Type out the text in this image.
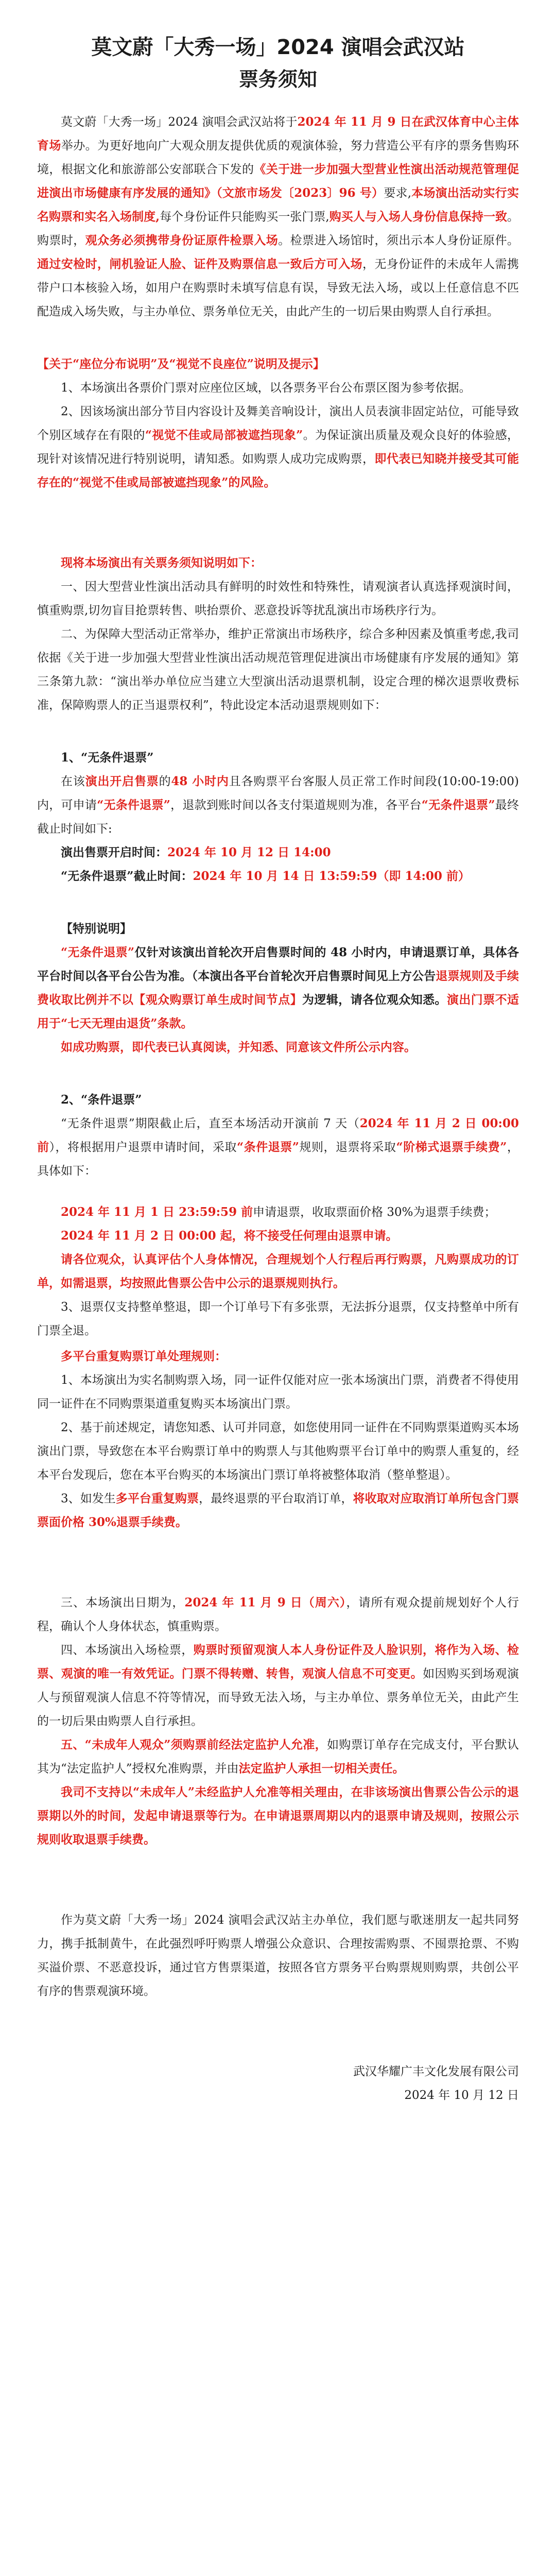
莫文蔚「大秀一场」2024 演唱会武汉站
票务须知

莫文蔚「大秀一场」2024 演唱会武汉站将于2024 年 11 月 9 日在武汉体育中心主体育场举办。为更好地向广大观众朋友提供优质的观演体验，努力营造公平有序的票务售购环境，根据文化和旅游部公安部联合下发的《关于进一步加强大型营业性演出活动规范管理促进演出市场健康有序发展的通知》（文旅市场发〔2023〕96 号）要求,本场演出活动实行实名购票和实名入场制度,每个身份证件只能购买一张门票,购买人与入场人身份信息保持一致。购票时，观众务必须携带身份证原件检票入场。检票进入场馆时，须出示本人身份证原件。通过安检时，闸机验证人脸、证件及购票信息一致后方可入场，无身份证件的未成年人需携带户口本核验入场，如用户在购票时未填写信息有误，导致无法入场，或以上任意信息不匹配造成入场失败，与主办单位、票务单位无关，由此产生的一切后果由购票人自行承担。

【关于“座位分布说明”及“视觉不良座位”说明及提示】

1、本场演出各票价门票对应座位区域，以各票务平台公布票区图为参考依据。

2、因该场演出部分节目内容设计及舞美音响设计，演出人员表演非固定站位，可能导致个别区域存在有限的“视觉不佳或局部被遮挡现象”。为保证演出质量及观众良好的体验感，现针对该情况进行特别说明，请知悉。如购票人成功完成购票，即代表已知晓并接受其可能存在的“视觉不佳或局部被遮挡现象”的风险。

现将本场演出有关票务须知说明如下：

一、因大型营业性演出活动具有鲜明的时效性和特殊性，请观演者认真选择观演时间，慎重购票,切勿盲目抢票转售、哄抬票价、恶意投诉等扰乱演出市场秩序行为。

二、为保障大型活动正常举办，维护正常演出市场秩序，综合多种因素及慎重考虑,我司依据《关于进一步加强大型营业性演出活动规范管理促进演出市场健康有序发展的通知》第三条第九款：“演出举办单位应当建立大型演出活动退票机制，设定合理的梯次退票收费标准，保障购票人的正当退票权利”，特此设定本活动退票规则如下：

1、“无条件退票”

在该演出开启售票的48 小时内且各购票平台客服人员正常工作时间段(10:00-19:00) 内，可申请“无条件退票”，退款到账时间以各支付渠道规则为准，各平台“无条件退票”最终截止时间如下:

演出售票开启时间：2024 年 10 月 12 日 14:00

“无条件退票”截止时间：2024 年 10 月 14 日 13:59:59（即 14:00 前）

【特别说明】

“无条件退票”仅针对该演出首轮次开启售票时间的 48 小时内，申请退票订单，具体各平台时间以各平台公告为准。（本演出各平台首轮次开启售票时间见上方公告退票规则及手续费收取比例并不以【观众购票订单生成时间节点】为逻辑，请各位观众知悉。演出门票不适用于“七天无理由退货”条款。

如成功购票，即代表已认真阅读，并知悉、同意该文件所公示内容。

2、“条件退票”

“无条件退票”期限截止后，直至本场活动开演前 7 天（2024 年 11 月 2 日 00:00 前），将根据用户退票申请时间，采取“条件退票”规则，退票将采取“阶梯式退票手续费”，具体如下：

2024 年 11 月 1 日 23:59:59 前申请退票，收取票面价格 30%为退票手续费；

2024 年 11 月 2 日 00:00 起，将不接受任何理由退票申请。

请各位观众，认真评估个人身体情况，合理规划个人行程后再行购票，凡购票成功的订单，如需退票，均按照此售票公告中公示的退票规则执行。

3、退票仅支持整单整退，即一个订单号下有多张票，无法拆分退票，仅支持整单中所有门票全退。

多平台重复购票订单处理规则：

1、本场演出为实名制购票入场，同一证件仅能对应一张本场演出门票，消费者不得使用同一证件在不同购票渠道重复购买本场演出门票。

2、基于前述规定，请您知悉、认可并同意，如您使用同一证件在不同购票渠道购买本场演出门票，导致您在本平台购票订单中的购票人与其他购票平台订单中的购票人重复的，经本平台发现后，您在本平台购买的本场演出门票订单将被整体取消（整单整退）。

3、如发生多平台重复购票，最终退票的平台取消订单，将收取对应取消订单所包含门票票面价格 30%退票手续费。

三、本场演出日期为，2024 年 11 月 9 日（周六），请所有观众提前规划好个人行程，确认个人身体状态，慎重购票。

四、本场演出入场检票，购票时预留观演人本人身份证件及人脸识别，将作为入场、检票、观演的唯一有效凭证。门票不得转赠、转售，观演人信息不可变更。如因购买到场观演人与预留观演人信息不符等情况，而导致无法入场，与主办单位、票务单位无关，由此产生的一切后果由购票人自行承担。

五、“未成年人观众”须购票前经法定监护人允准，如购票订单存在完成支付，平台默认其为“法定监护人”授权允准购票，并由法定监护人承担一切相关责任。

我司不支持以“未成年人”未经监护人允准等相关理由，在非该场演出售票公告公示的退票期以外的时间，发起申请退票等行为。在申请退票周期以内的退票申请及规则，按照公示规则收取退票手续费。

作为莫文蔚「大秀一场」2024 演唱会武汉站主办单位，我们愿与歌迷朋友一起共同努力，携手抵制黄牛，在此强烈呼吁购票人增强公众意识、合理按需购票、不囤票抢票、不购买溢价票、不恶意投诉，通过官方售票渠道，按照各官方票务平台购票规则购票，共创公平有序的售票观演环境。

武汉华耀广丰文化发展有限公司

2024 年 10 月 12 日
